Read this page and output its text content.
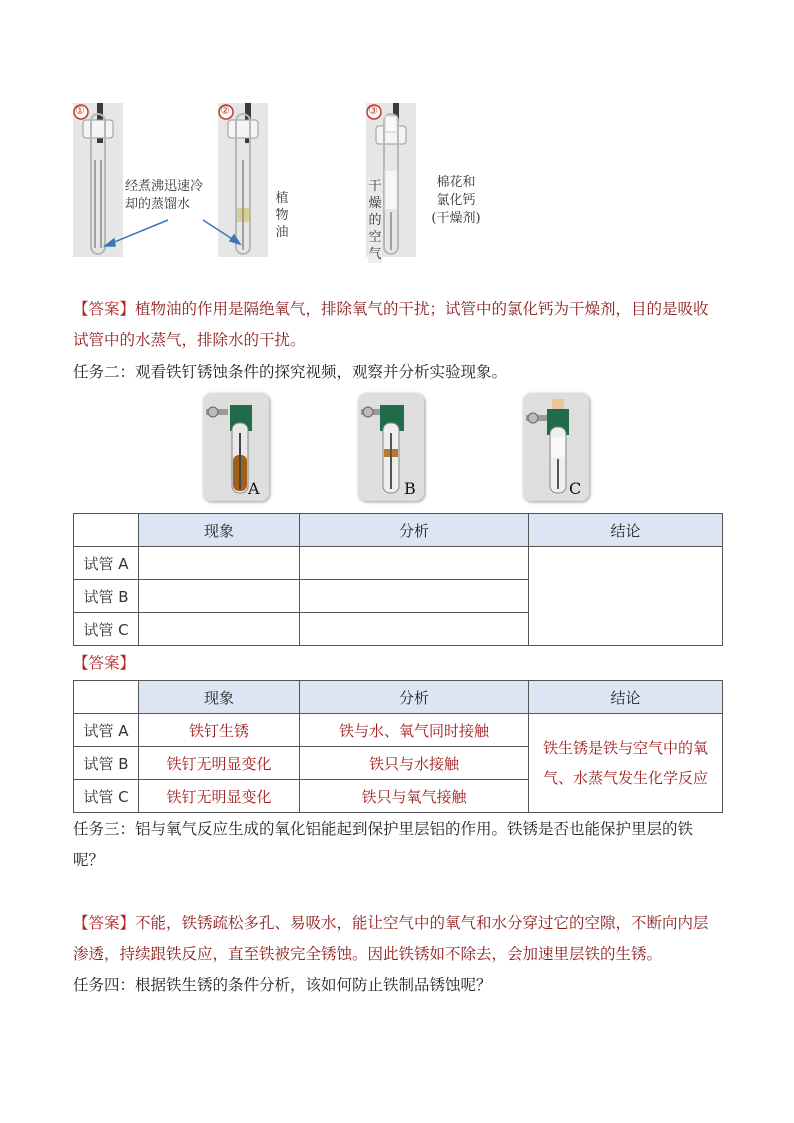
①	②	③
经煮沸迅速冷
却的蒸馏水	植
物
油
干
燥
的
空
气
棉花和
氯化钙
(干燥剂)
【答案】植物油的作用是隔绝氧气，排除氧气的干扰；试管中的氯化钙为干燥剂，目的是吸收试管中的水蒸气，排除水的干扰。
任务二：观看铁钉锈蚀条件的探究视频，观察并分析实验现象。
A	B	C
	现象	分析	结论
试管 A			
试管 B			
试管 C			
【答案】
	现象	分析	结论
试管 A	铁钉生锈	铁与水、氧气同时接触	铁生锈是铁与空气中的氧
气、水蒸气发生化学反应

试管 B	铁钉无明显变化	铁只与水接触	
试管 C	铁钉无明显变化	铁只与氧气接触	
任务三：铝与氧气反应生成的氧化铝能起到保护里层铝的作用。铁锈是否也能保护里层的铁呢？
【答案】不能，铁锈疏松多孔、易吸水，能让空气中的氧气和水分穿过它的空隙，不断向内层渗透，持续跟铁反应，直至铁被完全锈蚀。因此铁锈如不除去，会加速里层铁的生锈。
任务四：根据铁生锈的条件分析，该如何防止铁制品锈蚀呢？
